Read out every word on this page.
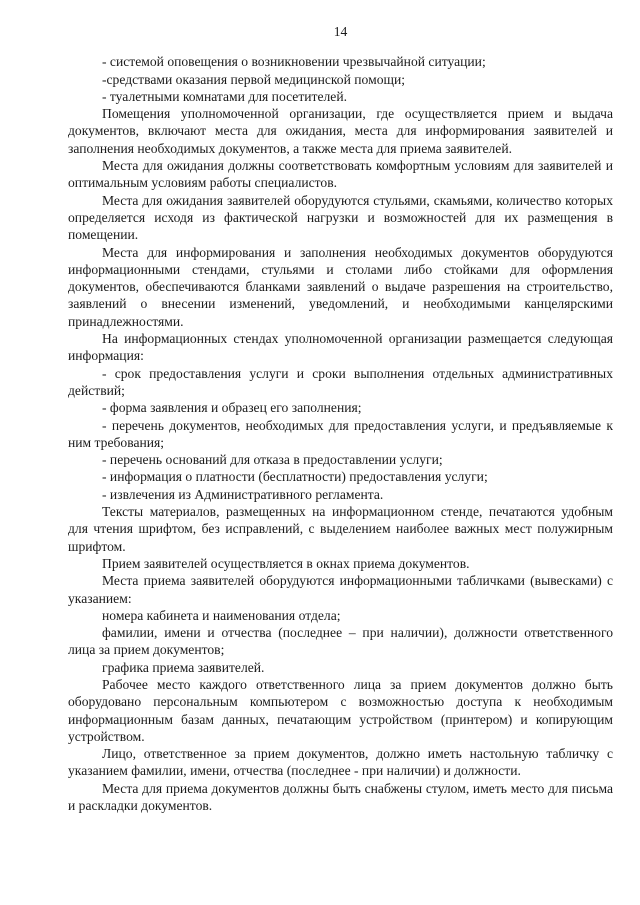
14
- системой оповещения о возникновении чрезвычайной ситуации;
-средствами оказания первой медицинской помощи;
- туалетными комнатами для посетителей.

Помещения уполномоченной организации, где осуществляется прием и выдача документов, включают места для ожидания, места для информирования заявителей и заполнения необходимых документов, а также места для приема заявителей.

Места для ожидания должны соответствовать комфортным условиям для заявителей и оптимальным условиям работы специалистов.

Места для ожидания заявителей оборудуются стульями, скамьями, количество которых определяется исходя из фактической нагрузки и возможностей для их размещения в помещении.

Места для информирования и заполнения необходимых документов оборудуются информационными стендами, стульями и столами либо стойками для оформления документов, обеспечиваются бланками заявлений о выдаче разрешения на строительство, заявлений о внесении изменений, уведомлений, и необходимыми канцелярскими принадлежностями.

На информационных стендах уполномоченной организации размещается следующая информация:

- срок предоставления услуги и сроки выполнения отдельных административных действий;

- форма заявления и образец его заполнения;

- перечень документов, необходимых для предоставления услуги, и предъявляемые к ним требования;

- перечень оснований для отказа в предоставлении услуги;
- информация о платности (бесплатности) предоставления услуги;
- извлечения из Административного регламента.

Тексты материалов, размещенных на информационном стенде, печатаются удобным для чтения шрифтом, без исправлений, с выделением наиболее важных мест полужирным шрифтом.

Прием заявителей осуществляется в окнах приема документов.

Места приема заявителей оборудуются информационными табличками (вывесками) с указанием:

номера кабинета и наименования отдела;

фамилии, имени и отчества (последнее – при наличии), должности ответственного лица за прием документов;

графика приема заявителей.

Рабочее место каждого ответственного лица за прием документов должно быть оборудовано персональным компьютером с возможностью доступа к необходимым информационным базам данных, печатающим устройством (принтером) и копирующим устройством.

Лицо, ответственное за прием документов, должно иметь настольную табличку с указанием фамилии, имени, отчества (последнее - при наличии) и должности.

Места для приема документов должны быть снабжены стулом, иметь место для письма и раскладки документов.
